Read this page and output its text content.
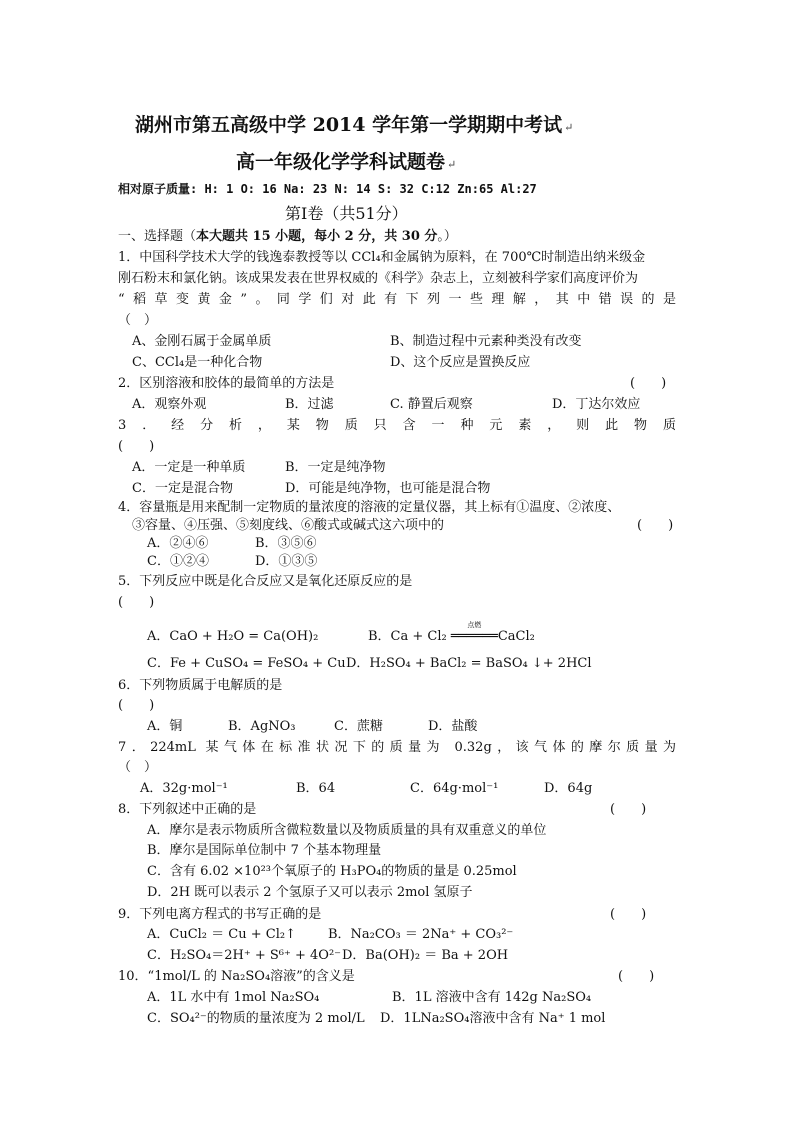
湖州市第五高级中学 2014 学年第一学期期中考试 ↵
高一年级化学学科试题卷 ↵
相对原子质量: H: 1 O: 16 Na: 23 N: 14 S: 32 C:12 Zn:65 Al:27
第Ⅰ卷（共51分）
一、选择题（本大题共 15 小题，每小 2 分，共 30 分。）
1．中国科学技术大学的钱逸泰教授等以 CCl₄和金属钠为原料，在 700℃时制造出纳米级金
刚石粉末和氯化钠。该成果发表在世界权威的《科学》杂志上，立刻被科学家们高度评价为
“稻草变黄金”。同学们对此有下列一些理解，其中错误的是
（　）
A、金刚石属于金属单质	B、制造过程中元素种类没有改变
C、CCl₄是一种化合物	D、这个反应是置换反应
2．区别溶液和胶体的最简单的方法是	(　　)
A．观察外观	B．过滤	C. 静置后观察	D．丁达尔效应
3．经分析，某物质只含一种元素，则此物质
(　　)
A．一定是一种单质	B．一定是纯净物
C．一定是混合物	D．可能是纯净物，也可能是混合物
4．容量瓶是用来配制一定物质的量浓度的溶液的定量仪器，其上标有①温度、②浓度、
③容量、④压强、⑤刻度线、⑥酸式或碱式这六项中的	(　　)
A．②④⑥	B．③⑤⑥
C．①②④	D．①③⑤
5．下列反应中既是化合反应又是氧化还原反应的是
(　　)
A．CaO + H₂O = Ca(OH)₂	B．Ca + Cl₂
点燃
══════CaCl₂
C．Fe + CuSO₄ = FeSO₄ + Cu D．H₂SO₄ + BaCl₂ = BaSO₄ ↓+ 2HCl
6．下列物质属于电解质的是
(　　)
A．铜	B．AgNO₃	C．蔗糖	D．盐酸
7．224mL 某气体在标准状况下的质量为 0.32g，该气体的摩尔质量为
（　）
A．32g·mol⁻¹	B．64	C．64g·mol⁻¹	D．64g
8．下列叙述中正确的是	(　　)
A．摩尔是表示物质所含微粒数量以及物质质量的具有双重意义的单位
B．摩尔是国际单位制中 7 个基本物理量
C．含有 6.02 ×10²³个氧原子的 H₃PO₄的物质的量是 0.25mol
D．2H 既可以表示 2 个氢原子又可以表示 2mol 氢原子
9．下列电离方程式的书写正确的是	(　　)
A．CuCl₂ ＝ Cu + Cl₂↑ B．Na₂CO₃ ＝ 2Na⁺ + CO₃²⁻
C．H₂SO₄＝2H⁺ + S⁶⁺ + 4O²⁻ D．Ba(OH)₂ ＝ Ba + 2OH
10．“1mol/L 的 Na₂SO₄溶液”的含义是	(　　)
A．1L 水中有 1mol Na₂SO₄	B．1L 溶液中含有 142g Na₂SO₄
C．SO₄²⁻的物质的量浓度为 2 mol/L D．1LNa₂SO₄溶液中含有 Na⁺ 1 mol
